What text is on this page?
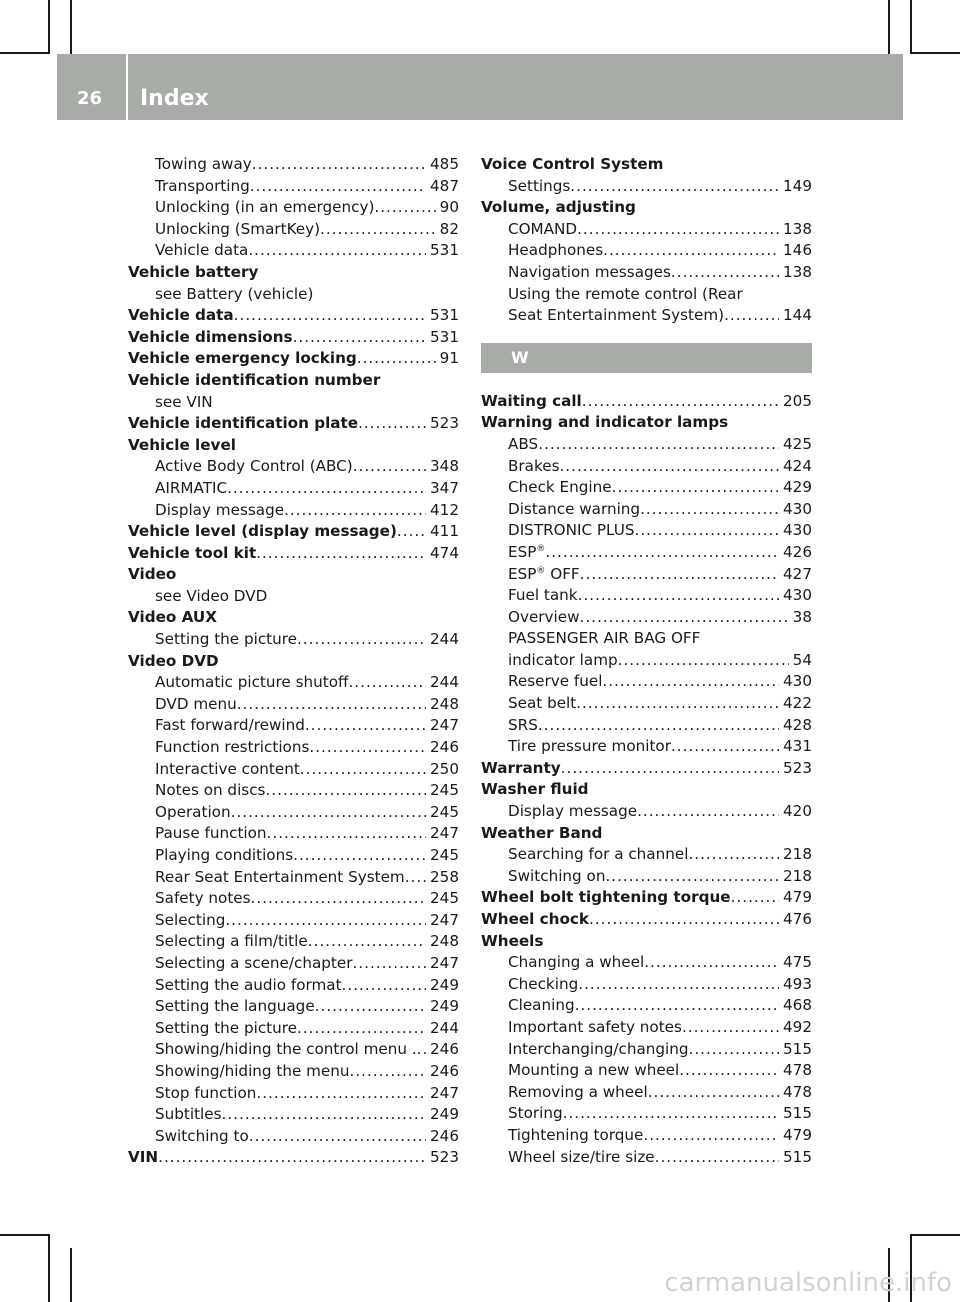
26 Index
Towing away .....	485
Transporting .....	487
Unlocking (in an emergency) .....	90
Unlocking (SmartKey) .....	82
Vehicle data .....	531
Vehicle battery
see Battery (vehicle)
Vehicle data .....	531
Vehicle dimensions .....	531
Vehicle emergency locking .....	91
Vehicle identification number
see VIN
Vehicle identification plate .....	523
Vehicle level
Active Body Control (ABC) .....	348
AIRMATIC .....	347
Display message .....	412
Vehicle level (display message) ..... 411
Vehicle tool kit .....	474
Video
see Video DVD
Video AUX
Setting the picture .....	244
Video DVD
Automatic picture shutoff .....	244
DVD menu .....	248
Fast forward/rewind .....	247
Function restrictions .....	246
Interactive content .....	250
Notes on discs .....	245
Operation .....	245
Pause function .....	247
Playing conditions .....	245
Rear Seat Entertainment System ..... 258
Safety notes .....	245
Selecting .....	247
Selecting a film/title .....	248
Selecting a scene/chapter .....	247
Setting the audio format .....	249
Setting the language .....	249
Setting the picture .....	244
Showing/hiding the control menu . ..... 246
Showing/hiding the menu .....	246
Stop function .....	247
Subtitles .....	249
Switching to .....	246
VIN .....	523
Voice Control System
Settings .....	149
Volume, adjusting
COMAND .....	138
Headphones .....	146
Navigation messages .....	138
Using the remote control (Rear
Seat Entertainment System) .....	144
W
Waiting call .....	205
Warning and indicator lamps
ABS .....	425
Brakes .....	424
Check Engine .....	429
Distance warning .....	430
DISTRONIC PLUS .....	430
ESP® .....	426
ESP® OFF .....	427
Fuel tank .....	430
Overview .....	38
PASSENGER AIR BAG OFF
indicator lamp .....	54
Reserve fuel .....	430
Seat belt .....	422
SRS .....	428
Tire pressure monitor .....	431
Warranty .....	523
Washer fluid
Display message .....	420
Weather Band
Searching for a channel .....	218
Switching on .....	218
Wheel bolt tightening torque .....	479
Wheel chock .....	476
Wheels
Changing a wheel .....	475
Checking .....	493
Cleaning .....	468
Important safety notes .....	492
Interchanging/changing .....	515
Mounting a new wheel .....	478
Removing a wheel .....	478
Storing .....	515
Tightening torque .....	479
Wheel size/tire size .....	515
carmanualsonline.info
